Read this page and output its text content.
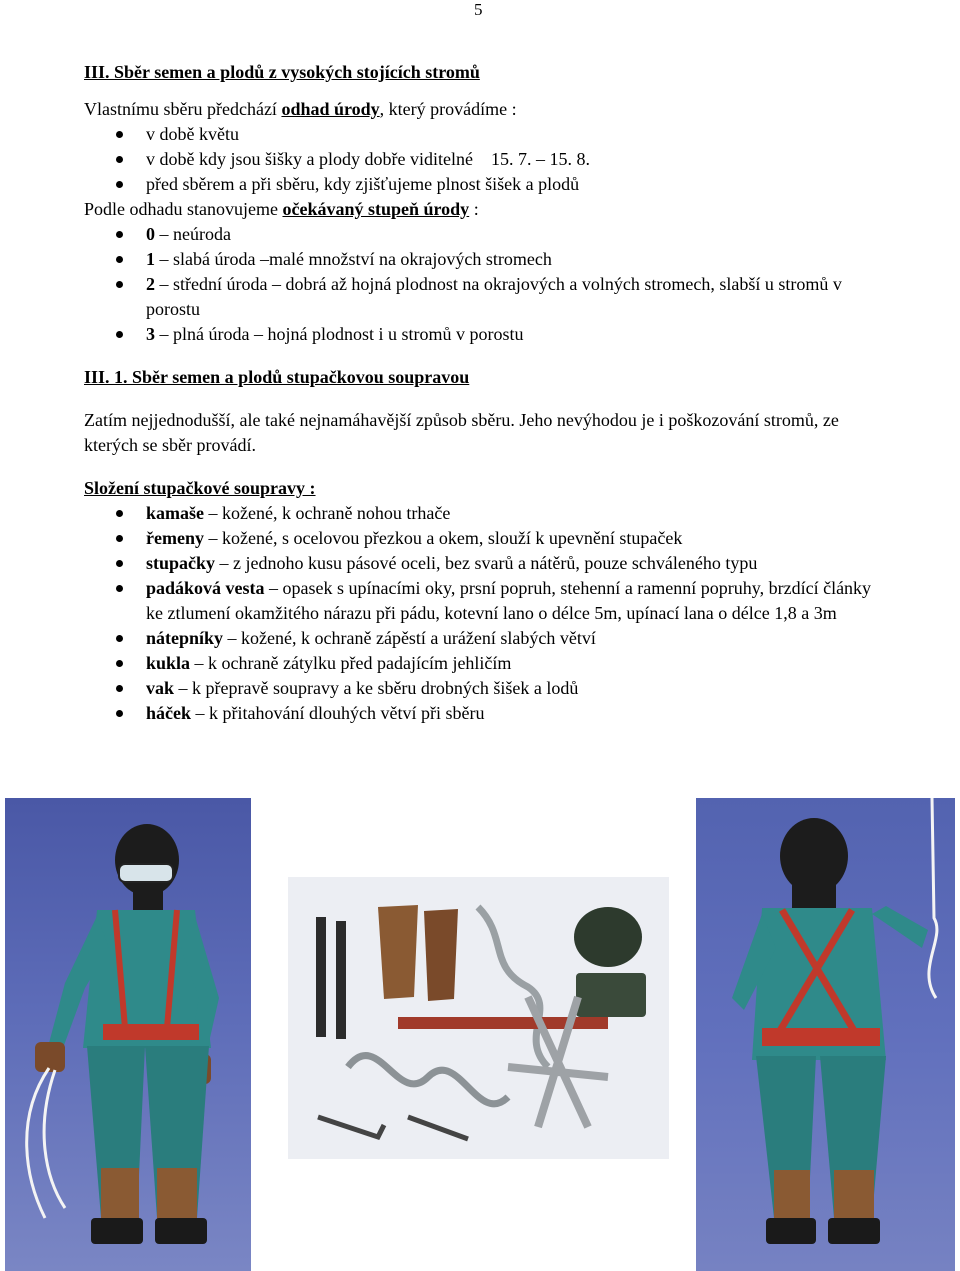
5

III. Sběr semen a plodů z vysokých stojících stromů

Vlastnímu sběru předchází odhad úrody, který provádíme :

v době květu
v době kdy jsou šišky a plody dobře viditelné    15. 7. – 15. 8.
před sběrem a při sběru, kdy zjišťujeme plnost šišek a plodů

Podle odhadu stanovujeme očekávaný stupeň úrody :

0 – neúroda
1 – slabá úroda –malé množství na okrajových stromech
2 – střední úroda – dobrá až hojná plodnost na okrajových a volných stromech, slabší u stromů v porostu
3 – plná úroda – hojná plodnost i u stromů v porostu

III. 1. Sběr semen a plodů stupačkovou soupravou

Zatím nejjednodušší, ale také nejnamáhavější způsob sběru. Jeho nevýhodou je i poškozování stromů, ze kterých se sběr provádí.

Složení stupačkové soupravy :

kamaše – kožené, k ochraně nohou trhače
řemeny – kožené, s ocelovou přezkou a okem, slouží k upevnění stupaček
stupačky – z jednoho kusu pásové oceli, bez svarů a nátěrů, pouze schváleného typu
padáková vesta – opasek s upínacími oky, prsní popruh, stehenní a ramenní popruhy, brzdící články ke ztlumení okamžitého nárazu při pádu, kotevní lano o délce 5m, upínací lana o délce 1,8 a 3m
nátepníky – kožené, k ochraně zápěstí a urážení slabých větví
kukla – k ochraně zátylku před padajícím jehličím
vak – k přepravě soupravy a ke sběru drobných šišek a lodů
háček – k přitahování dlouhých větví při sběru
